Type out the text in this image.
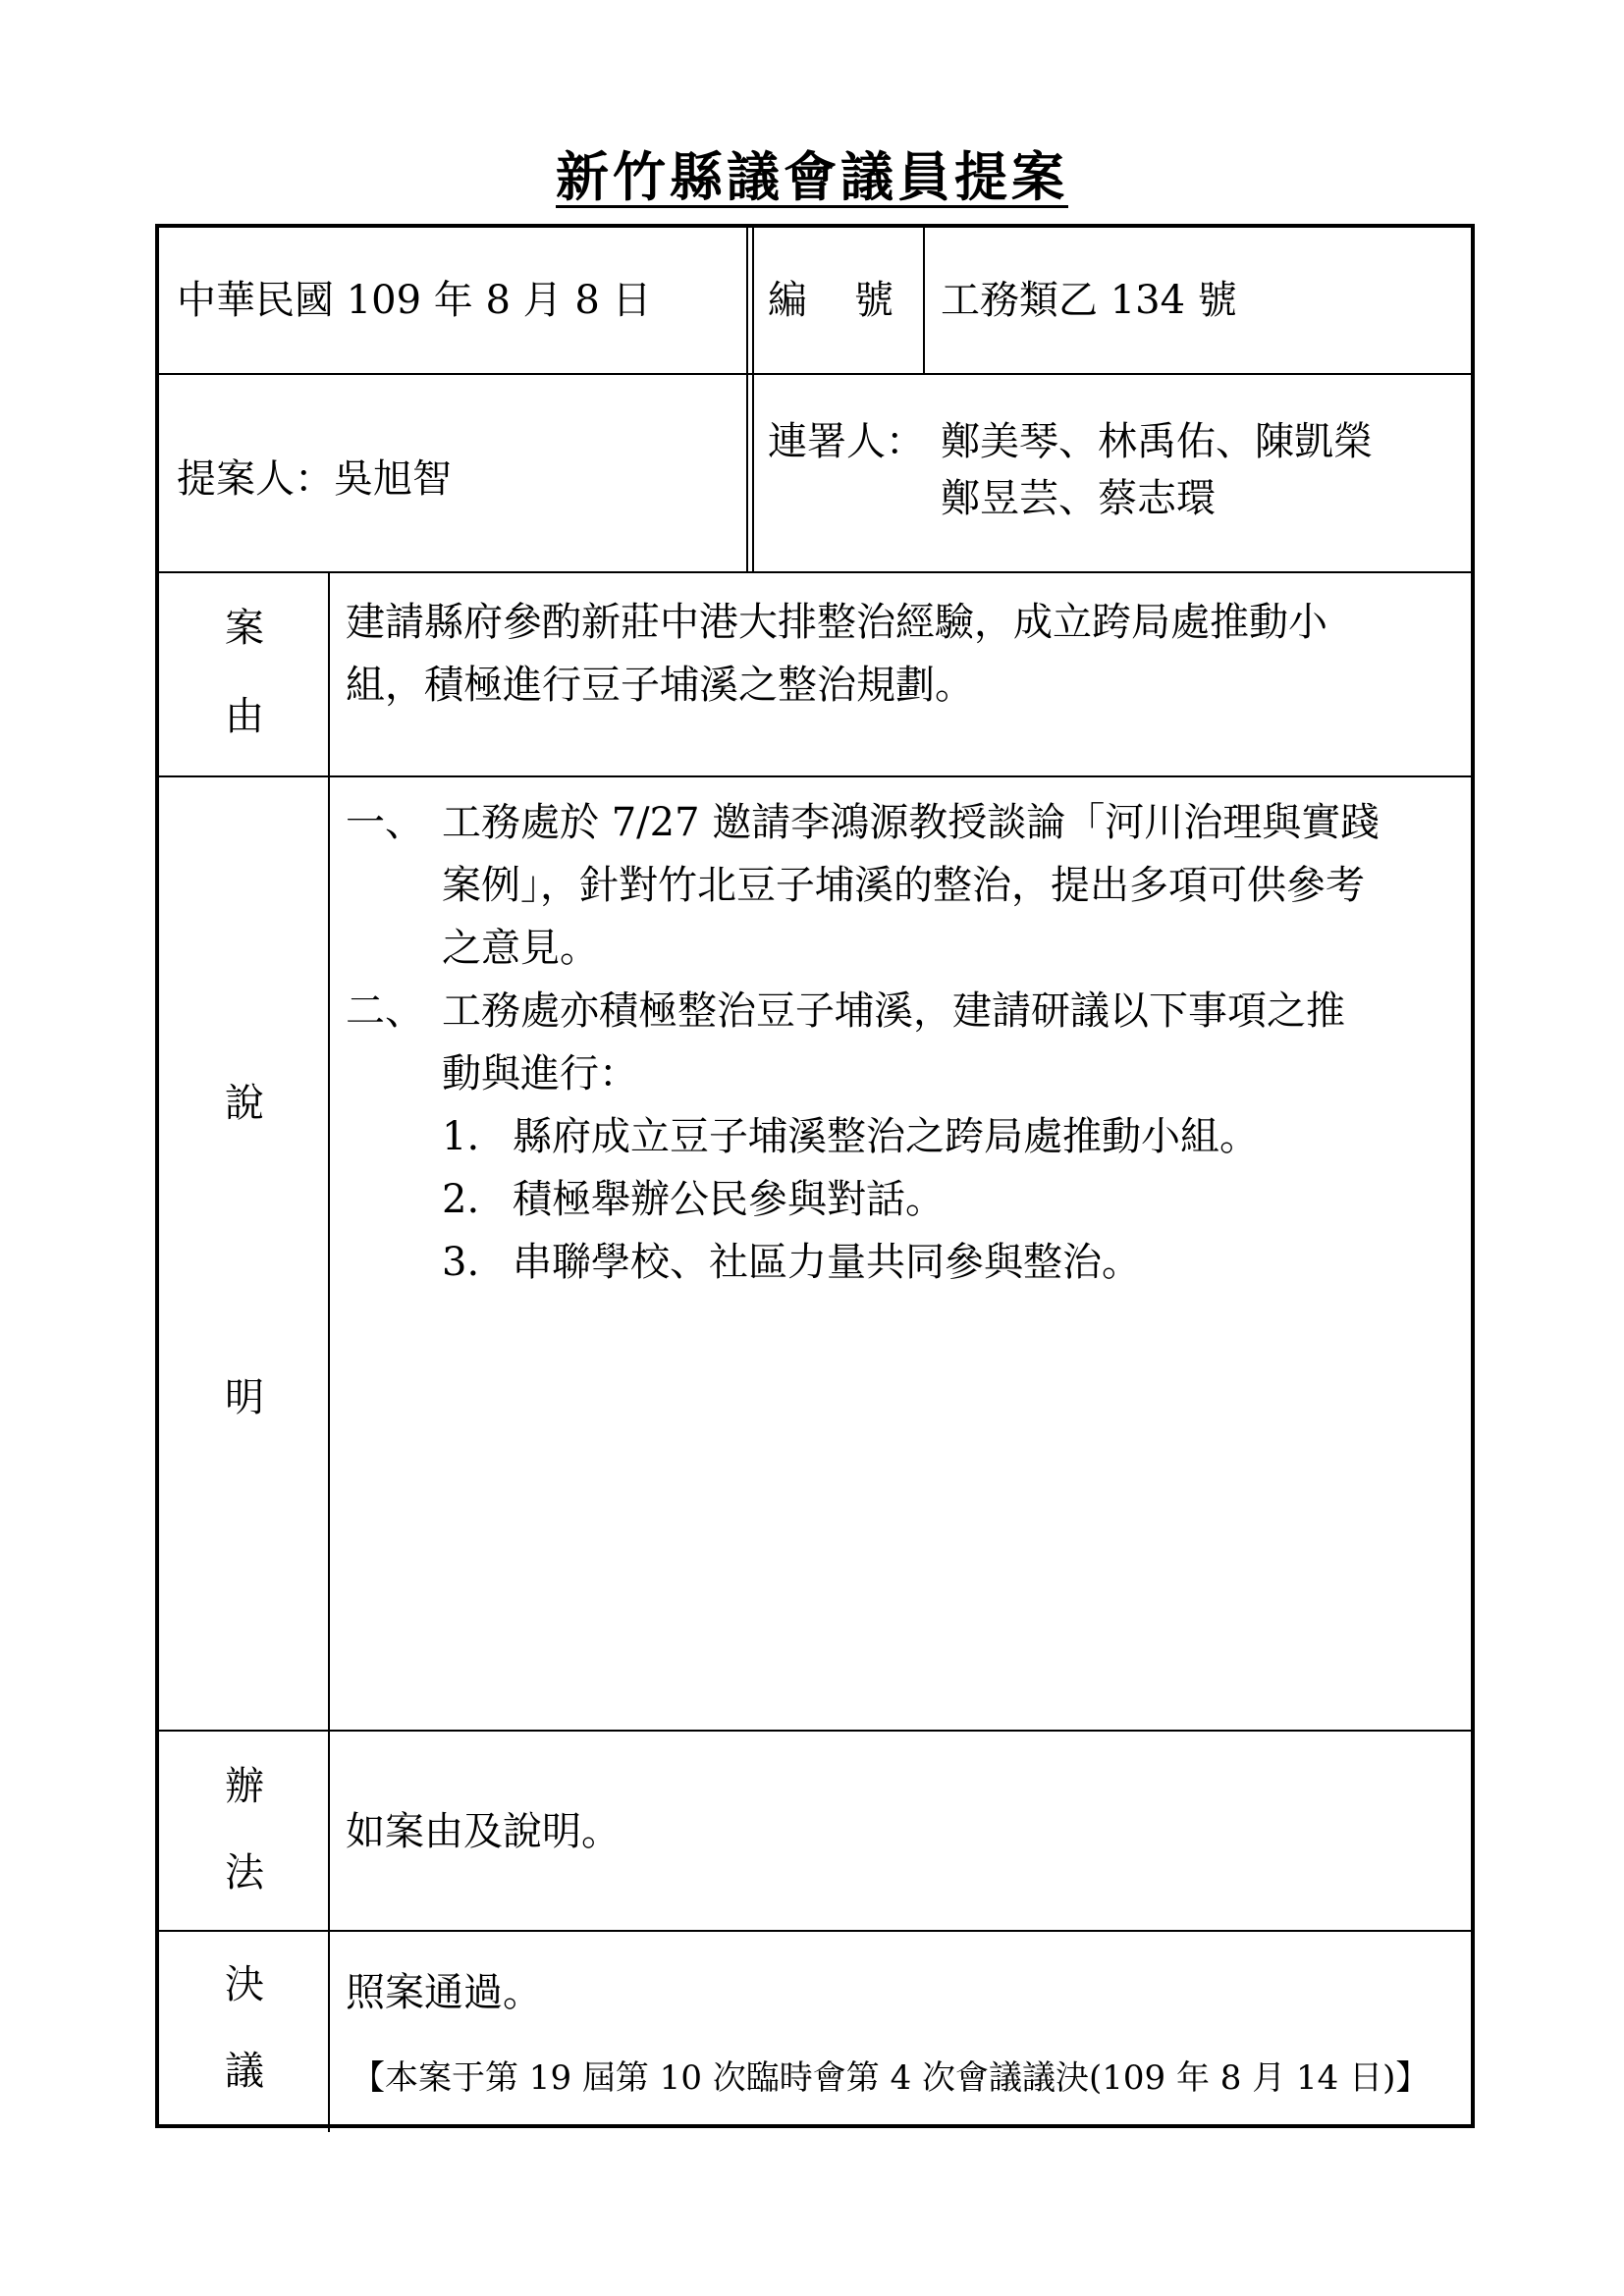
新竹縣議會議員提案
中華民國 109 年 8 月 8 日	編 號 工務類乙 134 號
提案人：吳旭智
連署人： 鄭美琴、林禹佑、陳凱榮
鄭昱芸、蔡志環
案
由
建請縣府參酌新莊中港大排整治經驗，成立跨局處推動小
組，積極進行豆子埔溪之整治規劃。
說
明
一、 工務處於 7/27 邀請李鴻源教授談論「河川治理與實踐
案例」，針對竹北豆子埔溪的整治，提出多項可供參考
之意見。
二、 工務處亦積極整治豆子埔溪，建請研議以下事項之推
動與進行：
1. 縣府成立豆子埔溪整治之跨局處推動小組。
2. 積極舉辦公民參與對話。
3. 串聯學校、社區力量共同參與整治。
辦
法
如案由及說明。
決
議
照案通過。
【本案于第 19 屆第 10 次臨時會第 4 次會議議決(109 年 8 月 14 日)】
